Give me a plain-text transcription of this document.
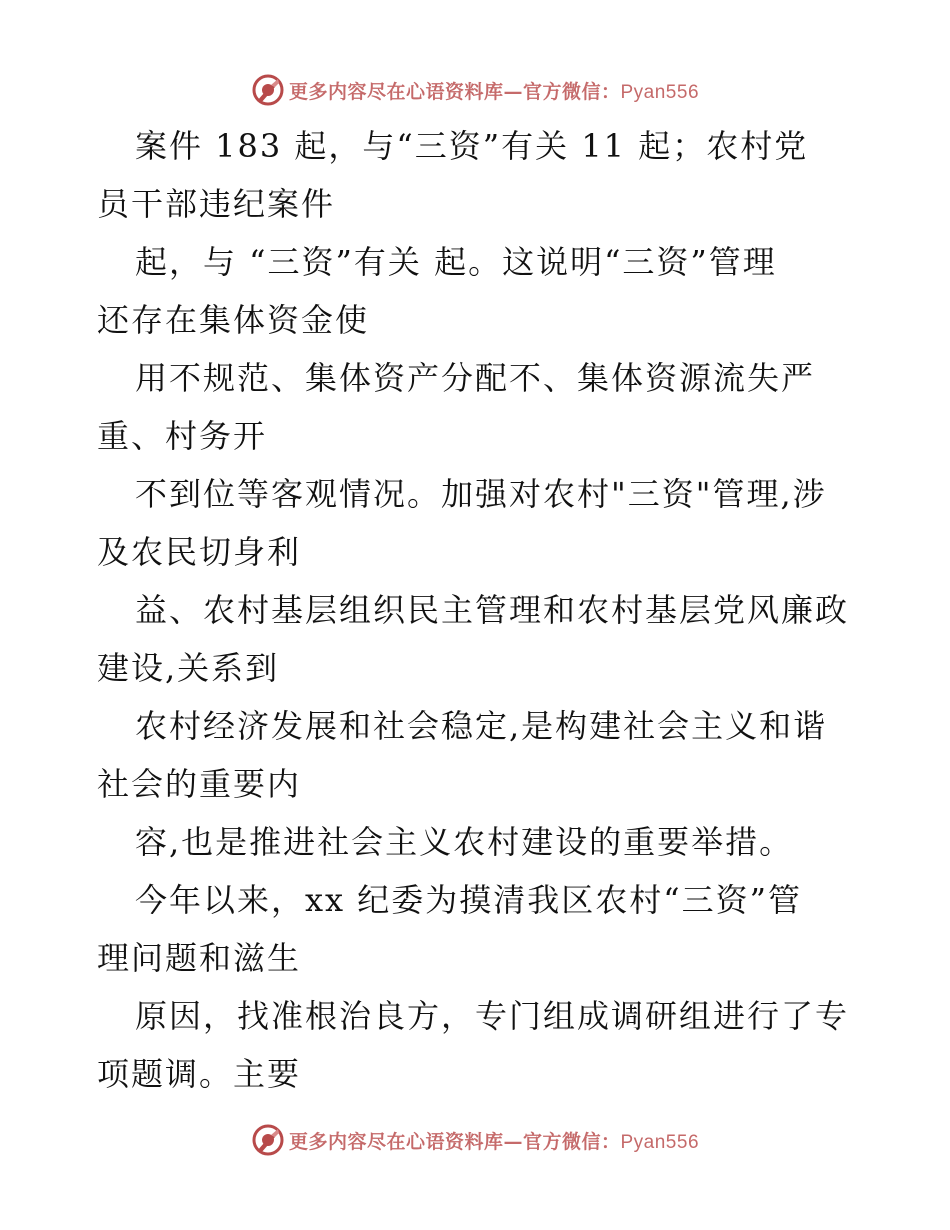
更多内容尽在心语资料库—官方微信：Pyan556
案件 183 起，与“三资”有关 11 起；农村党
员干部违纪案件
起，与 “三资”有关 起。这说明“三资”管理
还存在集体资金使
用不规范、集体资产分配不、集体资源流失严
重、村务开
不到位等客观情况。加强对农村"三资"管理,涉
及农民切身利
益、农村基层组织民主管理和农村基层党风廉政
建设,关系到
农村经济发展和社会稳定,是构建社会主义和谐
社会的重要内
容,也是推进社会主义农村建设的重要举措。
今年以来，xx 纪委为摸清我区农村“三资”管
理问题和滋生
原因，找准根治良方，专门组成调研组进行了专
项题调。主要
更多内容尽在心语资料库—官方微信：Pyan556
